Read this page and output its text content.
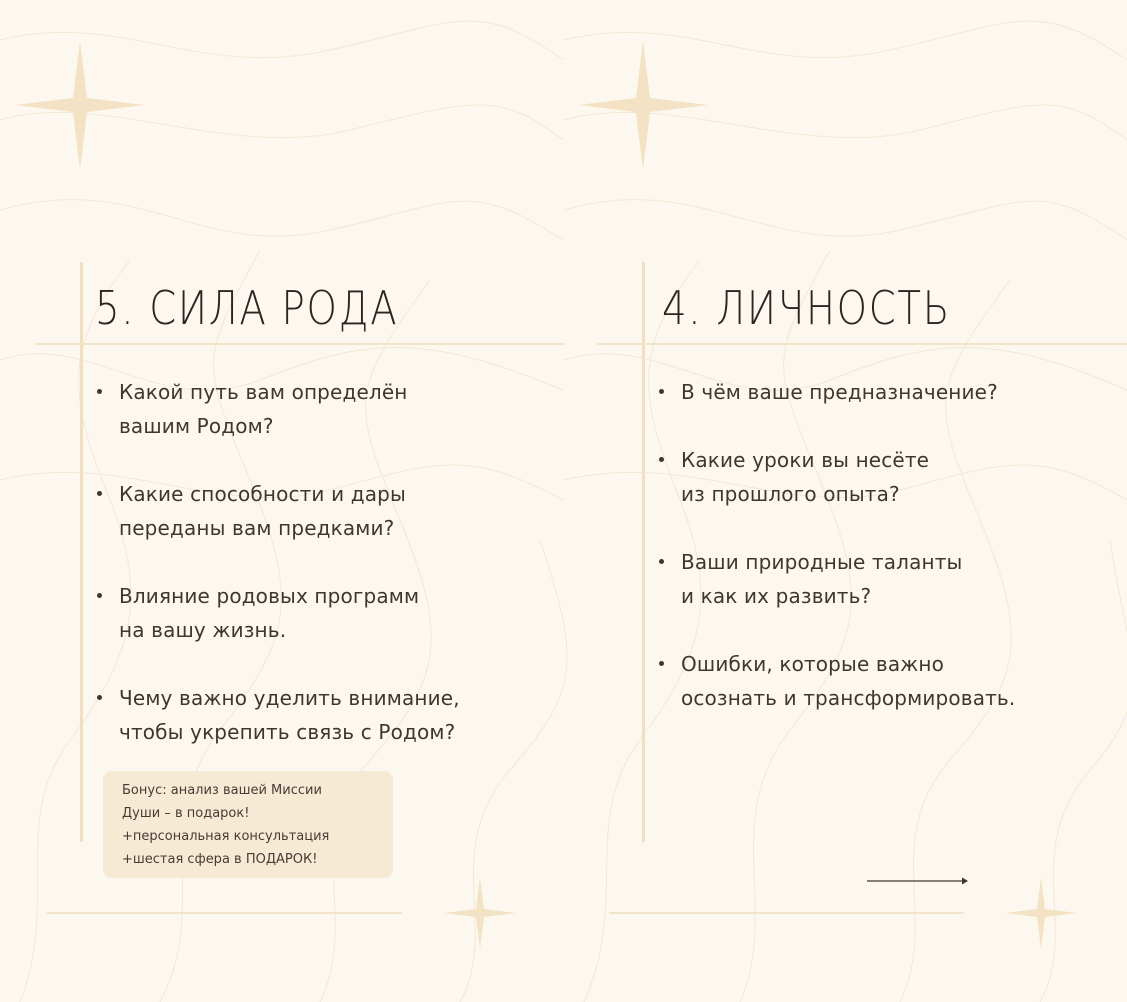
5. СИЛА РОДА
Какой путь вам определён
вашим Родом?
Какие способности и дары
переданы вам предками?
Влияние родовых программ
на вашу жизнь.
Чему важно уделить внимание,
чтобы укрепить связь с Родом?
Бонус: анализ вашей Миссии
Души – в подарок!
+персональная консультация
+шестая сфера в ПОДАРОК!
4. ЛИЧНОСТЬ
В чём ваше предназначение?
Какие уроки вы несёте
из прошлого опыта?
Ваши природные таланты
и как их развить?
Ошибки, которые важно
осознать и трансформировать.
